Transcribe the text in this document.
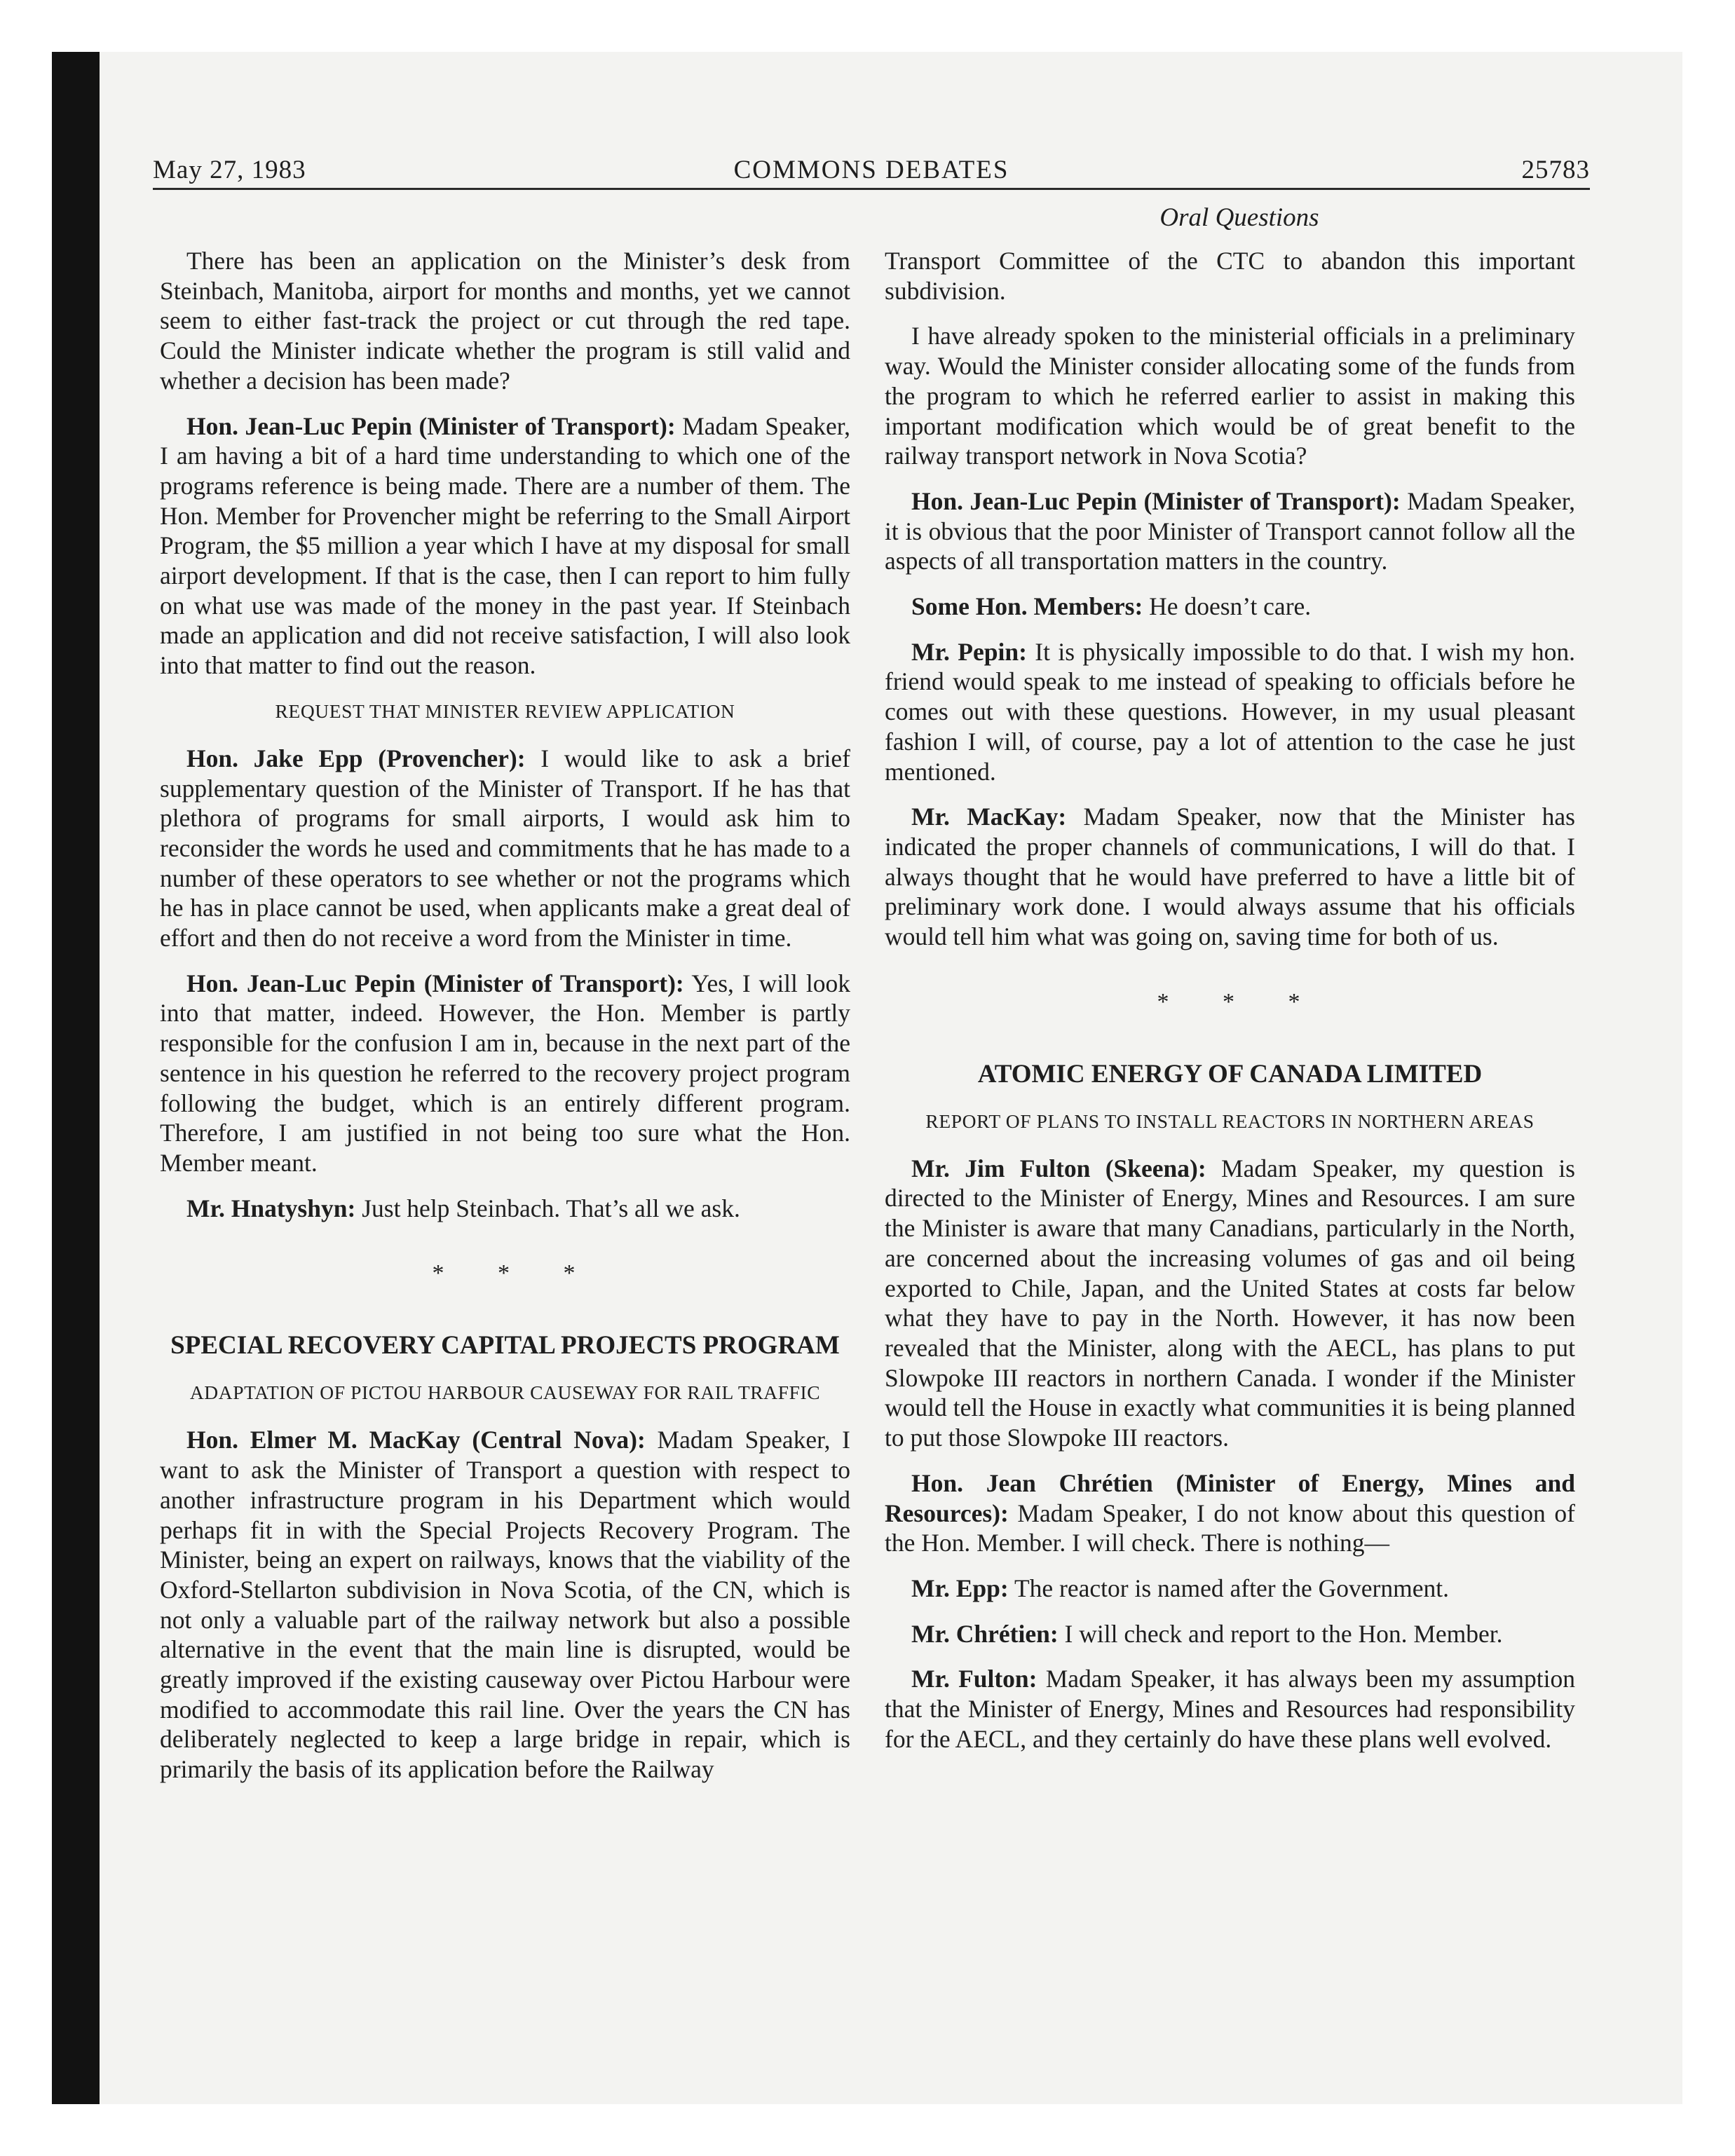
May 27, 1983	COMMONS DEBATES	25783
Oral Questions

There has been an application on the Minister’s desk from Steinbach, Manitoba, airport for months and months, yet we cannot seem to either fast-track the project or cut through the red tape. Could the Minister indicate whether the program is still valid and whether a decision has been made?

Hon. Jean-Luc Pepin (Minister of Transport): Madam Speaker, I am having a bit of a hard time understanding to which one of the programs reference is being made. There are a number of them. The Hon. Member for Provencher might be referring to the Small Airport Program, the $5 million a year which I have at my disposal for small airport development. If that is the case, then I can report to him fully on what use was made of the money in the past year. If Steinbach made an application and did not receive satisfaction, I will also look into that matter to find out the reason.

REQUEST THAT MINISTER REVIEW APPLICATION

Hon. Jake Epp (Provencher): I would like to ask a brief supplementary question of the Minister of Transport. If he has that plethora of programs for small airports, I would ask him to reconsider the words he used and commitments that he has made to a number of these operators to see whether or not the programs which he has in place cannot be used, when applicants make a great deal of effort and then do not receive a word from the Minister in time.

Hon. Jean-Luc Pepin (Minister of Transport): Yes, I will look into that matter, indeed. However, the Hon. Member is partly responsible for the confusion I am in, because in the next part of the sentence in his question he referred to the recovery project program following the budget, which is an entirely different program. Therefore, I am justified in not being too sure what the Hon. Member meant.

Mr. Hnatyshyn: Just help Steinbach. That’s all we ask.

* * *
SPECIAL RECOVERY CAPITAL PROJECTS PROGRAM
ADAPTATION OF PICTOU HARBOUR CAUSEWAY FOR RAIL TRAFFIC

Hon. Elmer M. MacKay (Central Nova): Madam Speaker, I want to ask the Minister of Transport a question with respect to another infrastructure program in his Department which would perhaps fit in with the Special Projects Recovery Program. The Minister, being an expert on railways, knows that the viability of the Oxford-Stellarton subdivision in Nova Scotia, of the CN, which is not only a valuable part of the railway network but also a possible alternative in the event that the main line is disrupted, would be greatly improved if the existing causeway over Pictou Harbour were modified to accommodate this rail line. Over the years the CN has deliberately neglected to keep a large bridge in repair, which is primarily the basis of its application before the Railway

Transport Committee of the CTC to abandon this important subdivision.

I have already spoken to the ministerial officials in a preliminary way. Would the Minister consider allocating some of the funds from the program to which he referred earlier to assist in making this important modification which would be of great benefit to the railway transport network in Nova Scotia?

Hon. Jean-Luc Pepin (Minister of Transport): Madam Speaker, it is obvious that the poor Minister of Transport cannot follow all the aspects of all transportation matters in the country.

Some Hon. Members: He doesn’t care.

Mr. Pepin: It is physically impossible to do that. I wish my hon. friend would speak to me instead of speaking to officials before he comes out with these questions. However, in my usual pleasant fashion I will, of course, pay a lot of attention to the case he just mentioned.

Mr. MacKay: Madam Speaker, now that the Minister has indicated the proper channels of communications, I will do that. I always thought that he would have preferred to have a little bit of preliminary work done. I would always assume that his officials would tell him what was going on, saving time for both of us.

* * *
ATOMIC ENERGY OF CANADA LIMITED
REPORT OF PLANS TO INSTALL REACTORS IN NORTHERN AREAS

Mr. Jim Fulton (Skeena): Madam Speaker, my question is directed to the Minister of Energy, Mines and Resources. I am sure the Minister is aware that many Canadians, particularly in the North, are concerned about the increasing volumes of gas and oil being exported to Chile, Japan, and the United States at costs far below what they have to pay in the North. However, it has now been revealed that the Minister, along with the AECL, has plans to put Slowpoke III reactors in northern Canada. I wonder if the Minister would tell the House in exactly what communities it is being planned to put those Slowpoke III reactors.

Hon. Jean Chrétien (Minister of Energy, Mines and Resources): Madam Speaker, I do not know about this question of the Hon. Member. I will check. There is nothing—

Mr. Epp: The reactor is named after the Government.

Mr. Chrétien: I will check and report to the Hon. Member.

Mr. Fulton: Madam Speaker, it has always been my assumption that the Minister of Energy, Mines and Resources had responsibility for the AECL, and they certainly do have these plans well evolved.
